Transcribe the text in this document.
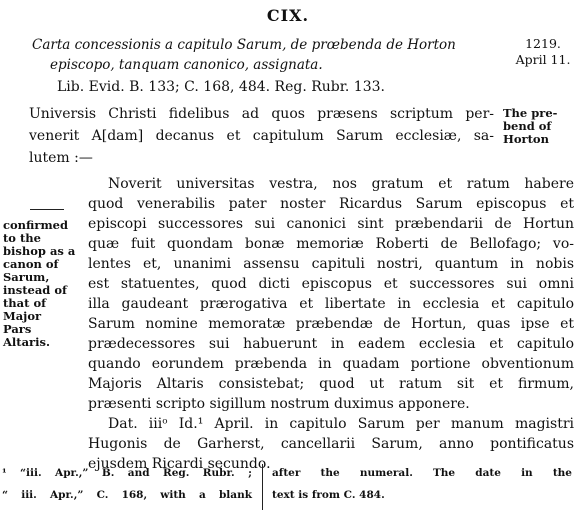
CIX.
Carta concessionis a capitulo Sarum, de prœbenda de Horton
episcopo, tanquam canonico, assignata.
1219.
April 11.
Lib. Evid. B. 133; C. 168, 484. Reg. Rubr. 133.
Universis Christi fidelibus ad quos præsens scriptum per-
venerit A[dam] decanus et capitulum Sarum ecclesiæ, sa-
lutem :—
The pre-
bend of
Horton
confirmed
to the
bishop as a
canon of
Sarum,
instead of
that of
Major
Pars
Altaris.
Noverit universitas vestra, nos gratum et ratum habere
quod venerabilis pater noster Ricardus Sarum episcopus et
episcopi successores sui canonici sint præbendarii de Hortun
quæ fuit quondam bonæ memoriæ Roberti de Bellofago; vo-
lentes et, unanimi assensu capituli nostri, quantum in nobis
est statuentes, quod dicti episcopus et successores sui omni
illa gaudeant prærogativa et libertate in ecclesia et capitulo
Sarum nomine memoratæ præbendæ de Hortun, quas ipse et
prædecessores sui habuerunt in eadem ecclesia et capitulo
quando eorundem præbenda in quadam portione obventionum
Majoris Altaris consistebat; quod ut ratum sit et firmum,
præsenti scripto sigillum nostrum duximus apponere.
Dat. iiiᵒ Id.¹ April. in capitulo Sarum per manum magistri
Hugonis de Garherst, cancellarii Sarum, anno pontificatus
ejusdem Ricardi secundo.
¹ “iii. Apr.,” B. and Reg. Rubr. ;
“ iii. Apr.,” C. 168, with a blank
after the numeral. The date in the
text is from C. 484.
